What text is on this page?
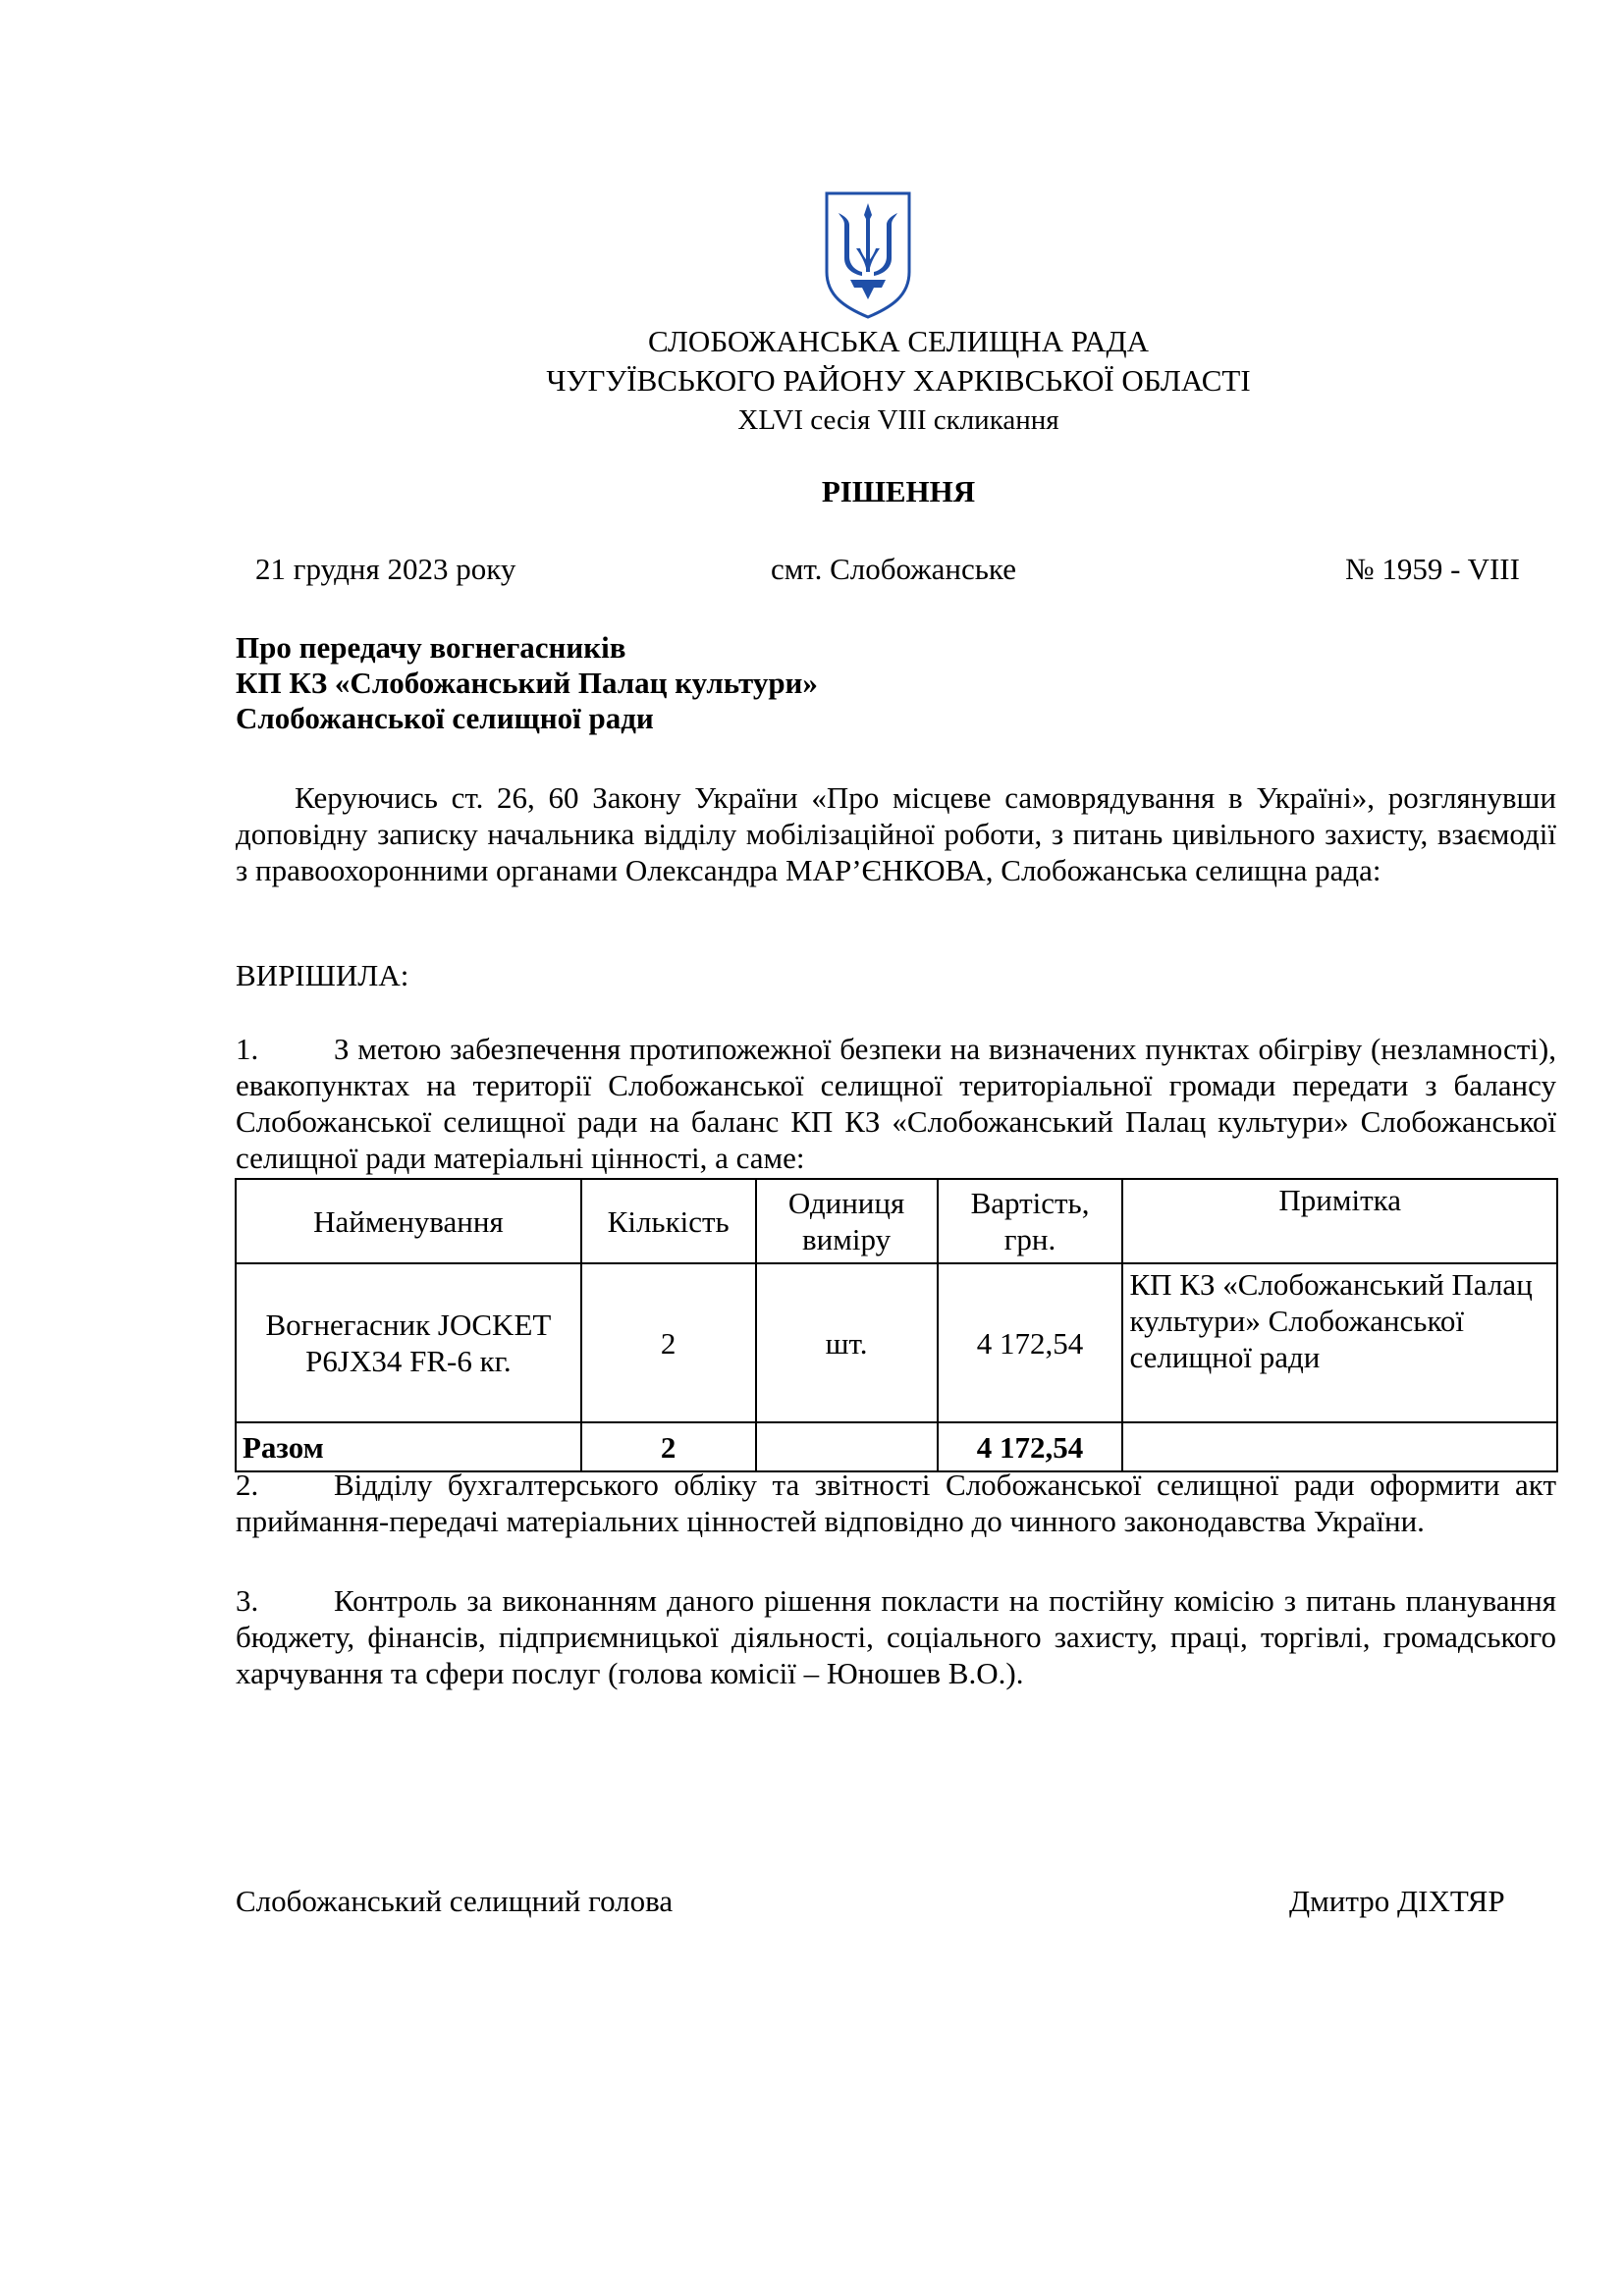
СЛОБОЖАНСЬКА СЕЛИЩНА РАДА
ЧУГУЇВСЬКОГО РАЙОНУ ХАРКІВСЬКОЇ ОБЛАСТІ
XLVI сесія VIII скликання
РІШЕННЯ
21 грудня 2023 року	смт. Слобожанське	№ 1959 - VIII
Про передачу вогнегасників
КП КЗ «Слобожанський Палац культури»
Слобожанської селищної ради
Керуючись ст. 26, 60 Закону України «Про місцеве самоврядування в Україні», розглянувши доповідну записку начальника відділу мобілізаційної роботи, з питань цивільного захисту, взаємодії з правоохоронними органами Олександра МАР’ЄНКОВА, Слобожанська селищна рада:
ВИРІШИЛА:
1. З метою забезпечення протипожежної безпеки на визначених пунктах обігріву (незламності), евакопунктах на території Слобожанської селищної територіальної громади передати з балансу Слобожанської селищної ради на баланс КП КЗ «Слобожанський Палац культури» Слобожанської селищної ради матеріальні цінності, а саме:
Найменування	Кількість	Одиниця виміру	Вартість, грн.	Примітка
Вогнегасник JOCKET P6JX34 FR-6 кг.	2	шт.	4 172,54	КП КЗ «Слобожанський Палац культури» Слобожанської селищної ради
Разом	2		4 172,54	
2. Відділу бухгалтерського обліку та звітності Слобожанської селищної ради оформити акт приймання-передачі матеріальних цінностей відповідно до чинного законодавства України.
3. Контроль за виконанням даного рішення покласти на постійну комісію з питань планування бюджету, фінансів, підприємницької діяльності, соціального захисту, праці, торгівлі, громадського харчування та сфери послуг (голова комісії – Юношев В.О.).
Слобожанський селищний голова	Дмитро ДІХТЯР
